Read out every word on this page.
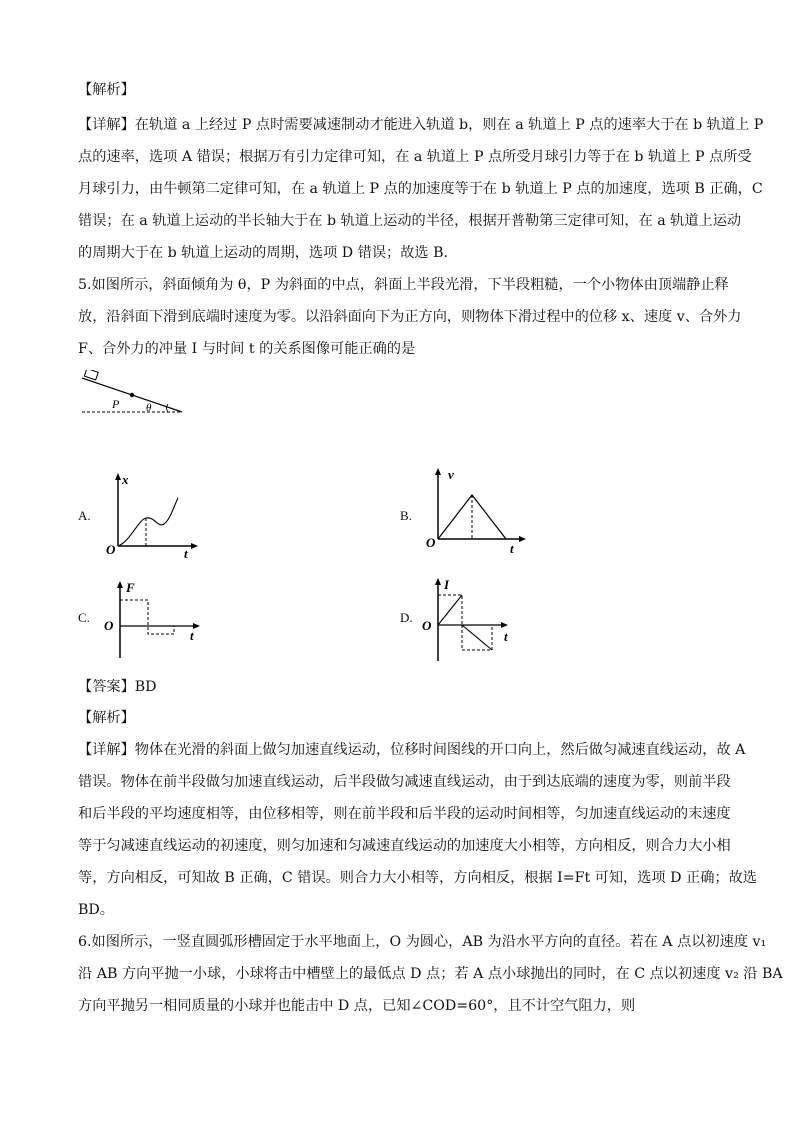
【解析】
【详解】在轨道 a 上经过 P 点时需要减速制动才能进入轨道 b，则在 a 轨道上 P 点的速率大于在 b 轨道上 P
点的速率，选项 A 错误；根据万有引力定律可知，在 a 轨道上 P 点所受月球引力等于在 b 轨道上 P 点所受
月球引力，由牛顿第二定律可知，在 a 轨道上 P 点的加速度等于在 b 轨道上 P 点的加速度，选项 B 正确，C
错误；在 a 轨道上运动的半长轴大于在 b 轨道上运动的半径，根据开普勒第三定律可知，在 a 轨道上运动
的周期大于在 b 轨道上运动的周期，选项 D 错误；故选 B.
5.如图所示，斜面倾角为 θ，P 为斜面的中点，斜面上半段光滑，下半段粗糙，一个小物体由顶端静止释
放，沿斜面下滑到底端时速度为零。以沿斜面向下为正方向，则物体下滑过程中的位移 x、速度 v、合外力
F、合外力的冲量 I 与时间 t 的关系图像可能正确的是
P θ
A.
x
O	t
B.
v
O	t
C.
F
O
t
D.
I
O
t
【答案】BD
【解析】
【详解】物体在光滑的斜面上做匀加速直线运动，位移时间图线的开口向上，然后做匀减速直线运动，故 A
错误。物体在前半段做匀加速直线运动，后半段做匀减速直线运动，由于到达底端的速度为零，则前半段
和后半段的平均速度相等，由位移相等，则在前半段和后半段的运动时间相等，匀加速直线运动的末速度
等于匀减速直线运动的初速度，则匀加速和匀减速直线运动的加速度大小相等，方向相反，则合力大小相
等，方向相反，可知故 B 正确，C 错误。则合力大小相等，方向相反，根据 I=Ft 可知，选项 D 正确；故选
BD。
6.如图所示，一竖直圆弧形槽固定于水平地面上，O 为圆心，AB 为沿水平方向的直径。若在 A 点以初速度 v₁
沿 AB 方向平抛一小球，小球将击中槽壁上的最低点 D 点；若 A 点小球抛出的同时，在 C 点以初速度 v₂ 沿 BA
方向平抛另一相同质量的小球并也能击中 D 点，已知∠COD=60°，且不计空气阻力，则
